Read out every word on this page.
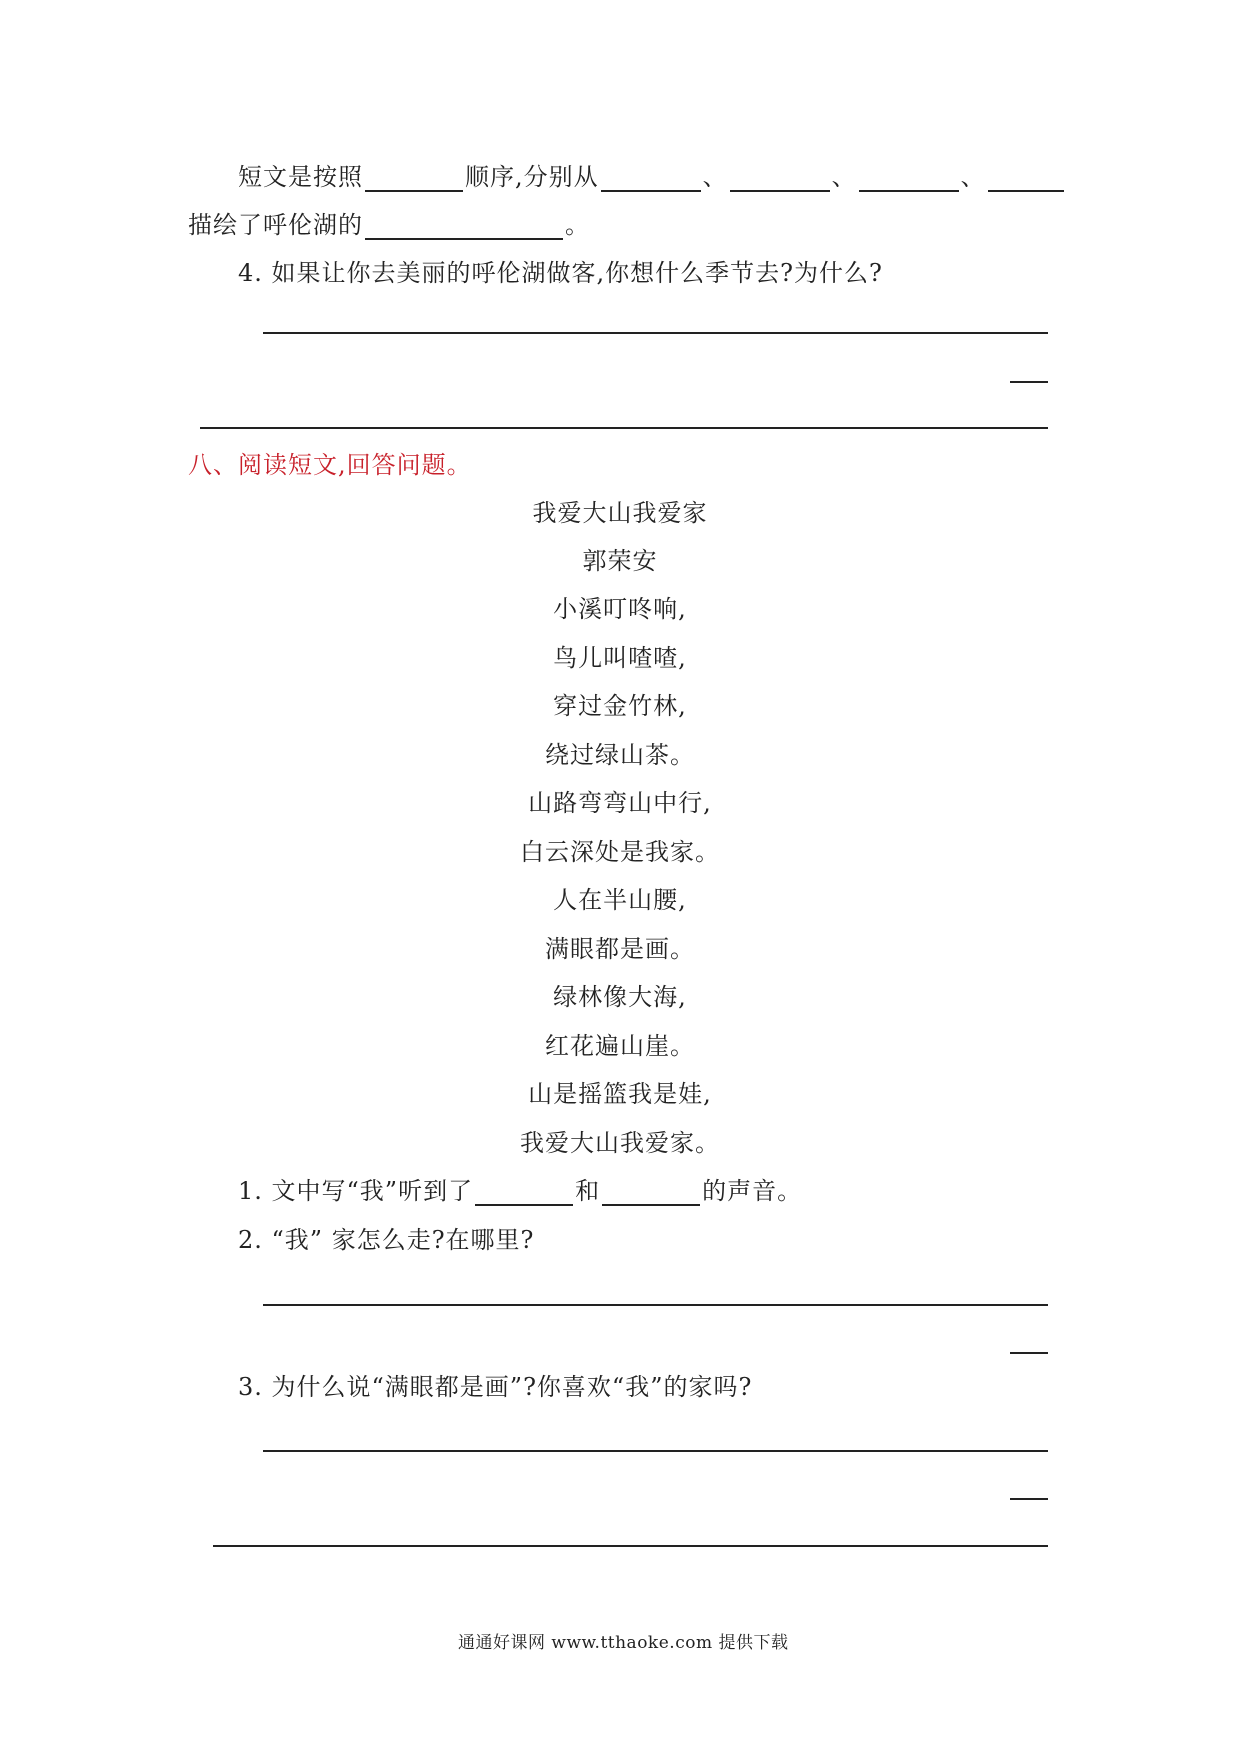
短文是按照	顺序,分别从	、	、	、
描绘了呼伦湖的	。
4. 如果让你去美丽的呼伦湖做客,你想什么季节去?为什么?
八、阅读短文,回答问题。
我爱大山我爱家
郭荣安
小溪叮咚响,
鸟儿叫喳喳,
穿过金竹林,
绕过绿山茶。
山路弯弯山中行,
白云深处是我家。
人在半山腰,
满眼都是画。
绿林像大海,
红花遍山崖。
山是摇篮我是娃,
我爱大山我爱家。
1. 文中写“我”听到了	和	的声音。
2. “我” 家怎么走?在哪里?
3. 为什么说“满眼都是画”?你喜欢“我”的家吗?
通通好课网 www.tthaoke.com 提供下载
